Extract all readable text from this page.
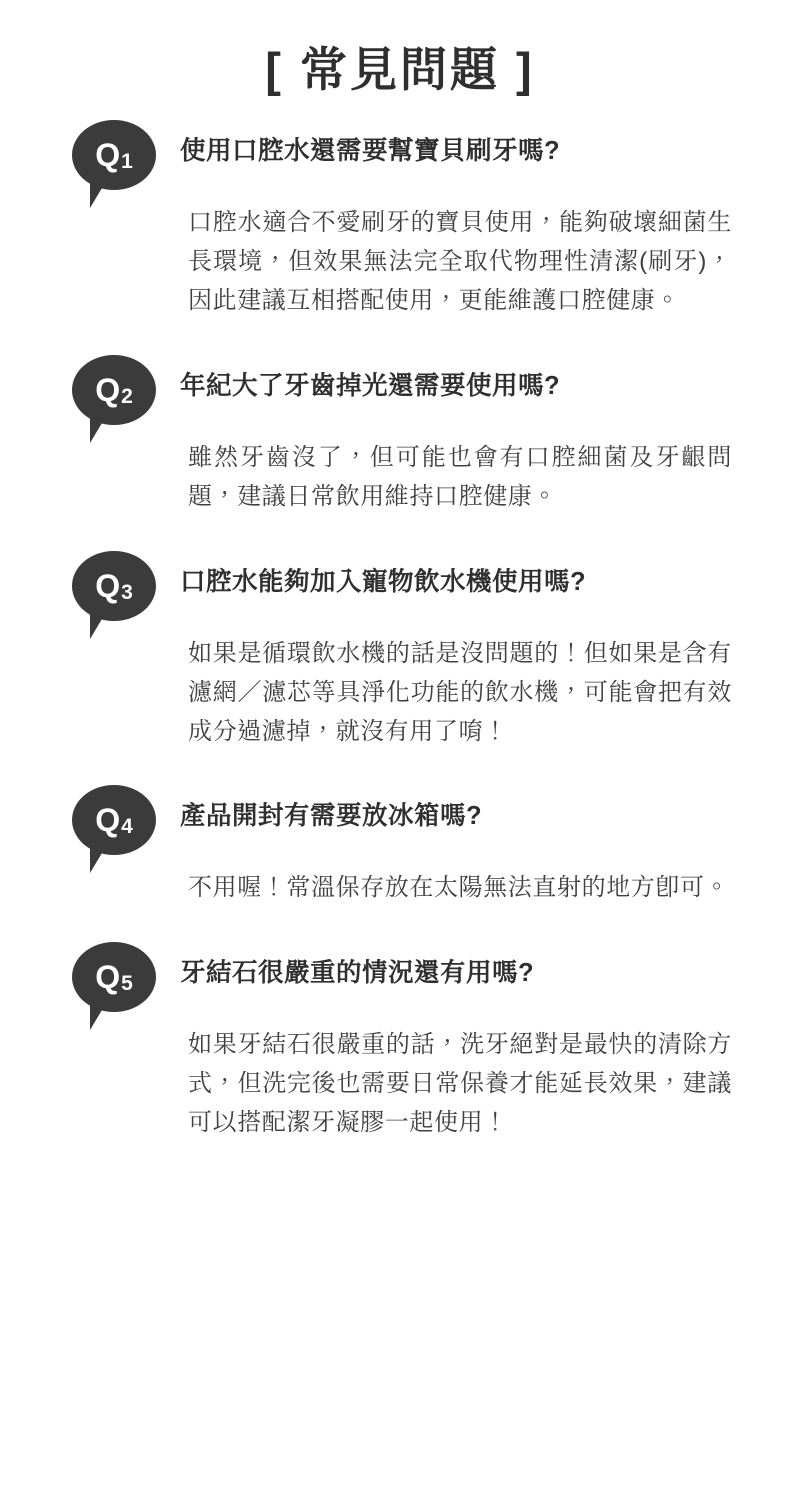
[ 常見問題 ]
Q 1 使用口腔水還需要幫寶貝刷牙嗎?
口腔水適合不愛刷牙的寶貝使用，能夠破壞細菌生長環境，但效果無法完全取代物理性清潔(刷牙)，因此建議互相搭配使用，更能維護口腔健康。
Q 2 年紀大了牙齒掉光還需要使用嗎?
雖然牙齒沒了，但可能也會有口腔細菌及牙齦問題，建議日常飲用維持口腔健康。
Q 3 口腔水能夠加入寵物飲水機使用嗎?
如果是循環飲水機的話是沒問題的！但如果是含有濾網／濾芯等具淨化功能的飲水機，可能會把有效成分過濾掉，就沒有用了唷！
Q 4 產品開封有需要放冰箱嗎?
不用喔！常溫保存放在太陽無法直射的地方卽可。
Q 5 牙結石很嚴重的情況還有用嗎?
如果牙結石很嚴重的話，洗牙絕對是最快的清除方式，但洗完後也需要日常保養才能延長效果，建議可以搭配潔牙凝膠一起使用！
